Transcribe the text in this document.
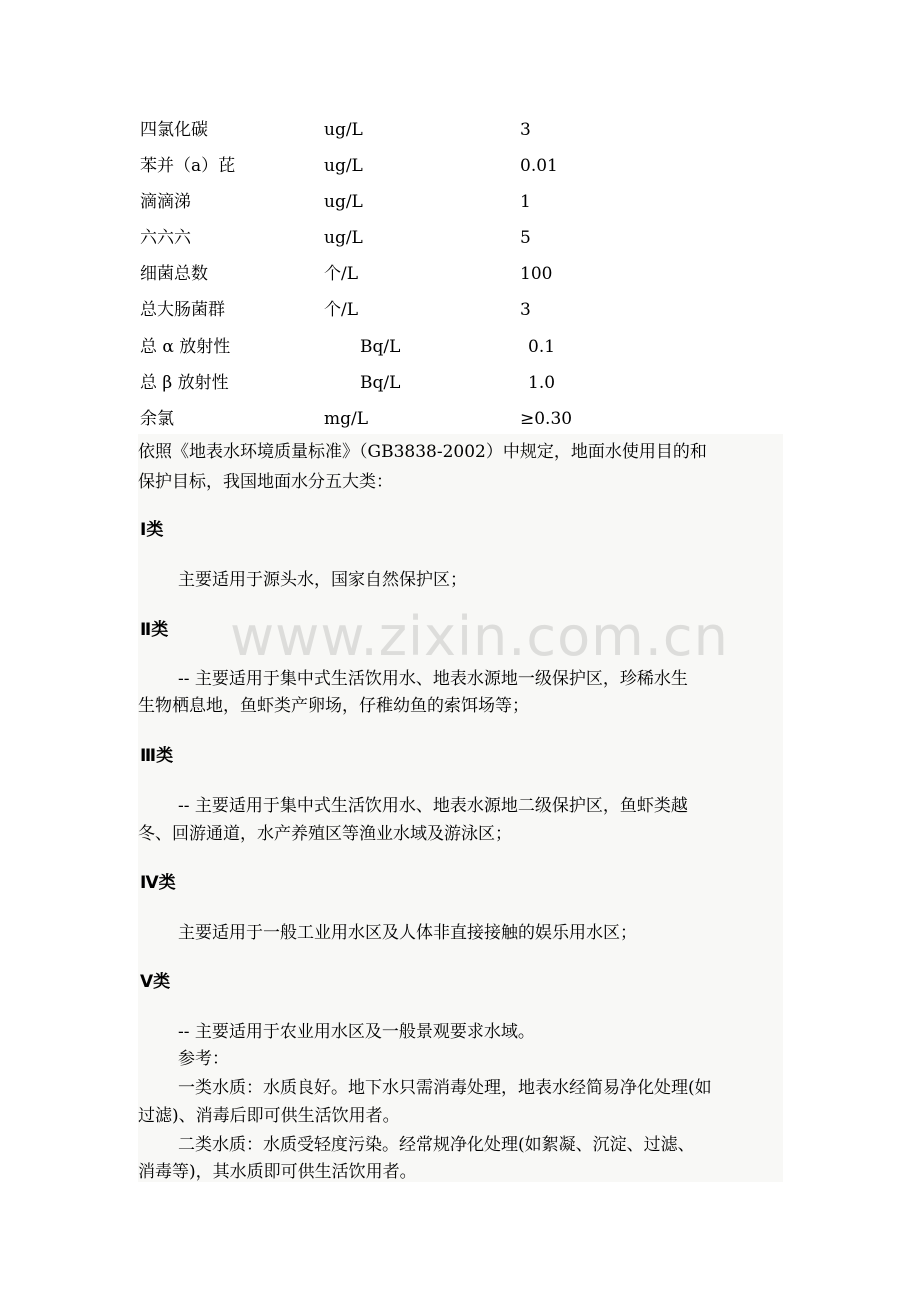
四氯化碳	ug/L	3
苯并（a）芘	ug/L	0.01
滴滴涕	ug/L	1
六六六	ug/L	5
细菌总数	个/L	100
总大肠菌群	个/L	3
总 α 放射性	Bq/L	0.1
总 β 放射性	Bq/L	1.0
余氯	mg/L	≥0.30
依照《地表水环境质量标准》（GB3838-2002）中规定，地面水使用目的和
保护目标，我国地面水分五大类：
Ⅰ类
主要适用于源头水，国家自然保护区；
Ⅱ类
-- 主要适用于集中式生活饮用水、地表水源地一级保护区，珍稀水生
生物栖息地，鱼虾类产卵场，仔稚幼鱼的索饵场等；
Ⅲ类
-- 主要适用于集中式生活饮用水、地表水源地二级保护区，鱼虾类越
冬、回游通道，水产养殖区等渔业水域及游泳区；
Ⅳ类
主要适用于一般工业用水区及人体非直接接触的娱乐用水区；
Ⅴ类
-- 主要适用于农业用水区及一般景观要求水域。
参考：
一类水质：水质良好。地下水只需消毒处理，地表水经简易净化处理(如
过滤)、消毒后即可供生活饮用者。
二类水质：水质受轻度污染。经常规净化处理(如絮凝、沉淀、过滤、
消毒等)，其水质即可供生活饮用者。
www.zixin.com.cn
